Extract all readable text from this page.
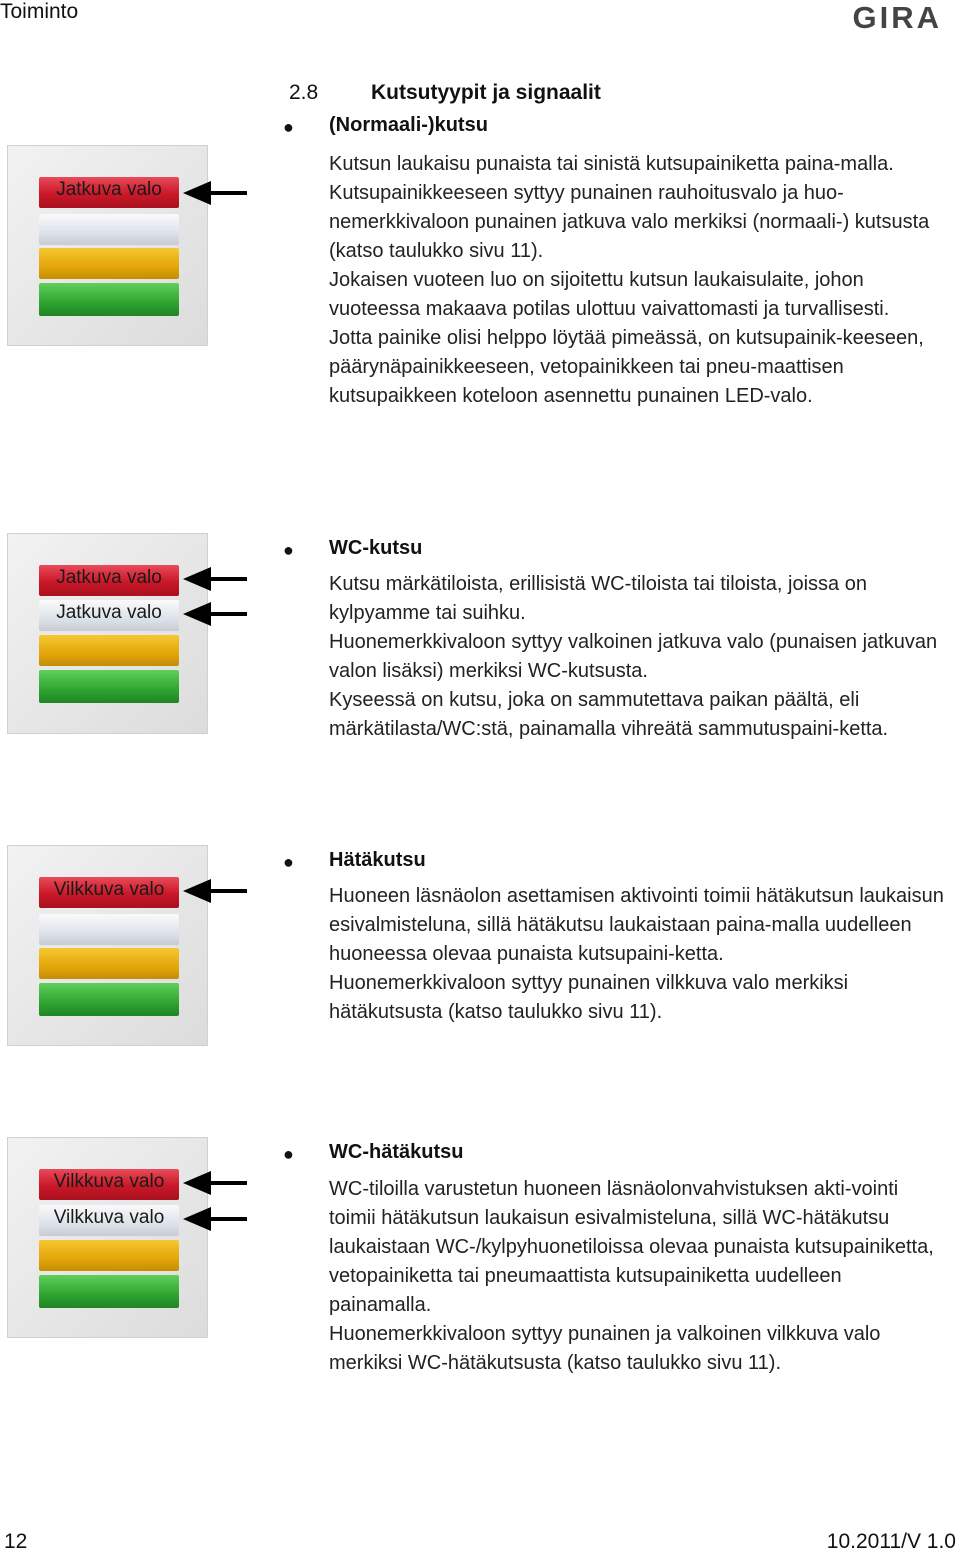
Toiminto	GIRA
2.8	Kutsutyypit ja signaalit
Jatkuva valo
● (Normaali-)kutsu

Kutsun laukaisu punaista tai sinistä kutsupainiketta paina-malla.

Kutsupainikkeeseen syttyy punainen rauhoitusvalo ja huo-nemerkkivaloon punainen jatkuva valo merkiksi (normaali-) kutsusta (katso taulukko sivu 11).

Jokaisen vuoteen luo on sijoitettu kutsun laukaisulaite, johon vuoteessa makaava potilas ulottuu vaivattomasti ja turvallisesti.

Jotta painike olisi helppo löytää pimeässä, on kutsupainik-keeseen, päärynäpainikkeeseen, vetopainikkeen tai pneu-maattisen kutsupaikkeen koteloon asennettu punainen LED-valo.

Jatkuva valo
Jatkuva valo
● WC-kutsu

Kutsu märkätiloista, erillisistä WC-tiloista tai tiloista, joissa on kylpyamme tai suihku.

Huonemerkkivaloon syttyy valkoinen jatkuva valo (punaisen jatkuvan valon lisäksi) merkiksi WC-kutsusta.

Kyseessä on kutsu, joka on sammutettava paikan päältä, eli märkätilasta/WC:stä, painamalla vihreätä sammutuspaini-ketta.

Vilkkuva valo
● Hätäkutsu

Huoneen läsnäolon asettamisen aktivointi toimii hätäkutsun laukaisun esivalmisteluna, sillä hätäkutsu laukaistaan paina-malla uudelleen huoneessa olevaa punaista kutsupaini-ketta.

Huonemerkkivaloon syttyy punainen vilkkuva valo merkiksi hätäkutsusta (katso taulukko sivu 11).

Vilkkuva valo
Vilkkuva valo
● WC-hätäkutsu

WC-tiloilla varustetun huoneen läsnäolonvahvistuksen akti-vointi toimii hätäkutsun laukaisun esivalmisteluna, sillä WC-hätäkutsu laukaistaan WC-/kylpyhuonetiloissa olevaa punaista kutsupainiketta, vetopainiketta tai pneumaattista kutsupainiketta uudelleen painamalla.

Huonemerkkivaloon syttyy punainen ja valkoinen vilkkuva valo merkiksi WC-hätäkutsusta (katso taulukko sivu 11).

12	10.2011/V 1.0
